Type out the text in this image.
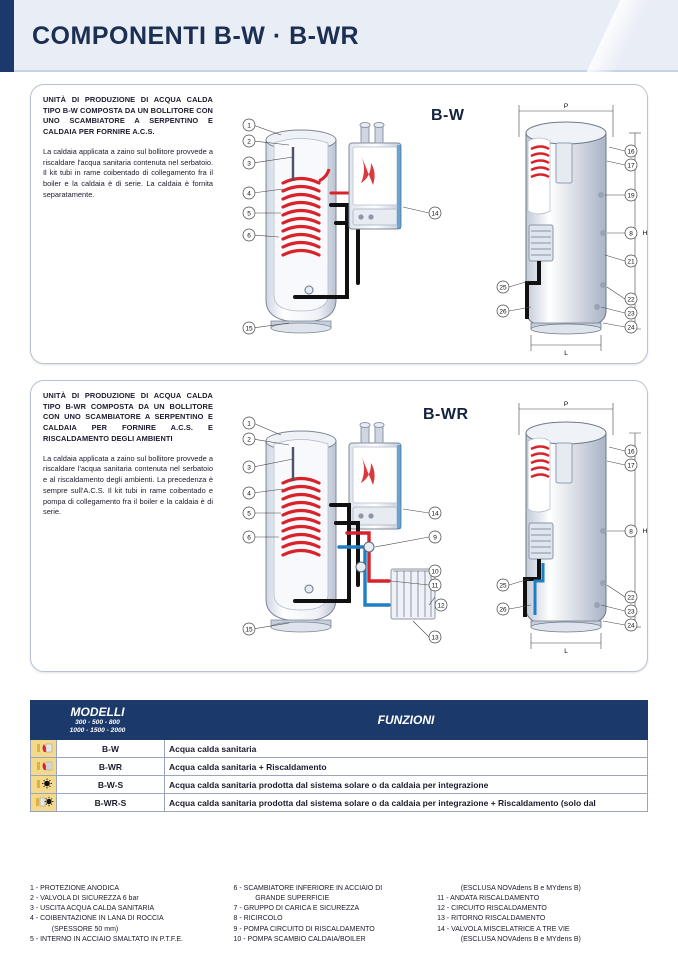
COMPONENTI B-W · B-WR
UNITÀ DI PRODUZIONE DI ACQUA CALDA TIPO B-W COMPOSTA DA UN BOLLITORE CON UNO SCAMBIATORE A SERPENTINO E CALDAIA PER FORNIRE A.C.S.
La caldaia applicata a zaino sul bollitore provvede a riscaldare l'acqua sanitaria contenuta nel serbatoio. Il kit tubi in rame coibentado di collegamento fra il boiler e la caldaia è di serie. La caldaia è fornita separatamente.
B-W
1
2
3
4
5
6
15
14
P
L
H
16
17
19
8
21
22
23
24
25
26
UNITÀ DI PRODUZIONE DI ACQUA CALDA TIPO B-WR COMPOSTA DA UN BOLLITORE CON UNO SCAMBIATORE A SERPENTINO E CALDAIA PER FORNIRE A.C.S. E RISCALDAMENTO DEGLI AMBIENTI
La caldaia applicata a zaino sul bollitore provvede a riscaldare l'acqua sanitaria contenuta nel serbatoio e al riscaldamento degli ambienti. La precedenza è sempre sull'A.C.S. Il kit tubi in rame coibentado e pompa di collegamento fra il boiler e la caldaia è di serie.
B-WR
1
2
3
4
5
6
15
14
9
10
11
12
13
P
L
H
16
17
8
22
23
24
25
26
MODELLI
300 - 500 - 800
1000 - 1500 - 2000		FUNZIONI
	B-W	Acqua calda sanitaria
	B-WR	Acqua calda sanitaria + Riscaldamento
	B-W-S	Acqua calda sanitaria prodotta dal sistema solare o da caldaia per integrazione
	B-WR-S	Acqua calda sanitaria prodotta dal sistema solare o da caldaia per integrazione + Riscaldamento (solo dal
1 - PROTEZIONE ANODICA
2 - VALVOLA DI SICUREZZA 6 bar
3 - USCITA ACQUA CALDA SANITARIA
4 - COIBENTAZIONE IN LANA DI ROCCIA
(SPESSORE 50 mm)
5 - INTERNO IN ACCIAIO SMALTATO IN P.T.F.E.
6 - SCAMBIATORE INFERIORE IN ACCIAIO DI
GRANDE SUPERFICIE
7 - GRUPPO DI CARICA E SICUREZZA
8 - RICIRCOLO
9 - POMPA CIRCUITO DI RISCALDAMENTO
10 - POMPA SCAMBIO CALDAIA/BOILER
(ESCLUSA NOVAdens B e MYdens B)
11 - ANDATA RISCALDAMENTO
12 - CIRCUITO RISCALDAMENTO
13 - RITORNO RISCALDAMENTO
14 - VALVOLA MISCELATRICE A TRE VIE
(ESCLUSA NOVAdens B e MYdens B)
